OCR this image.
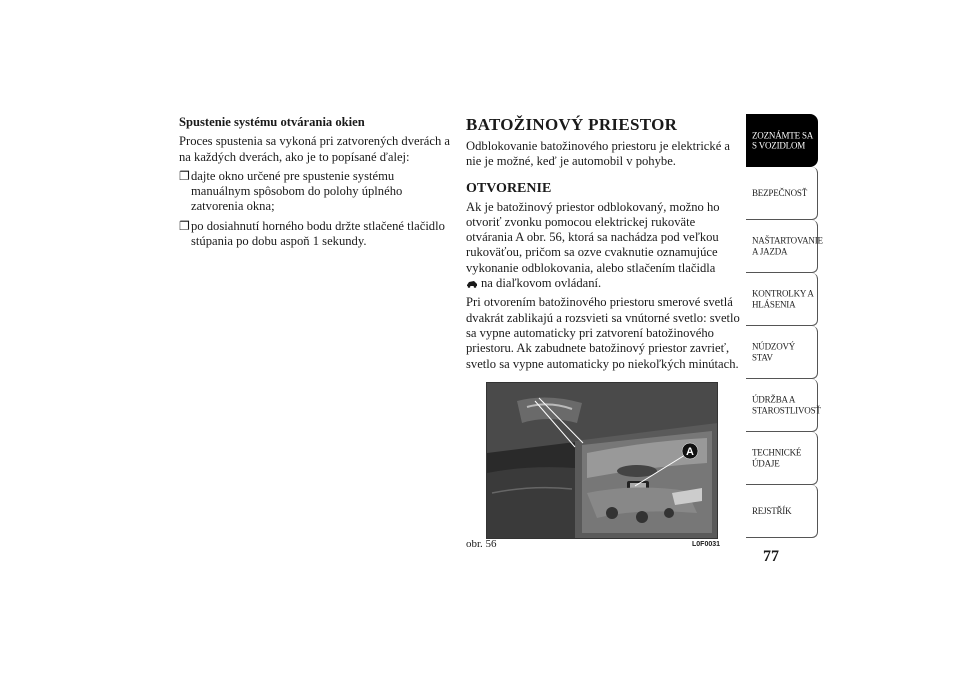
Spustenie systému otvárania okien

Proces spustenia sa vykoná pri zatvorených dverách a na každých dverách, ako je to popísané ďalej:

❐ dajte okno určené pre spustenie systému manuálnym spôsobom do polohy úplného zatvorenia okna;
❐ po dosiahnutí horného bodu držte stlačené tlačidlo stúpania po dobu aspoň 1 sekundy.
BATOŽINOVÝ PRIESTOR

Odblokovanie batožinového priestoru je elektrické a nie je možné, keď je automobil v pohybe.

OTVORENIE

Ak je batožinový priestor odblokovaný, možno ho otvoriť zvonku pomocou elektrickej rukoväte otvárania A obr. 56, ktorá sa nachádza pod veľkou rukoväťou, pričom sa ozve cvaknutie oznamujúce vykonanie odblokovania, alebo stlačením tlačidla
na diaľkovom ovládaní.

Pri otvorením batožinového priestoru smerové svetlá dvakrát zablikajú a rozsvieti sa vnútorné svetlo: svetlo sa vypne automaticky pri zatvorení batožinového priestoru. Ak zabudnete batožinový priestor zavrieť, svetlo sa vypne automaticky po niekoľkých minútach.

A
obr. 56	L0F0031
ZOZNÁMTE SA S VOZIDLOM
BEZPEČNOSŤ
NAŠTARTOVANIE A JAZDA
KONTROLKY A HLÁSENIA
NÚDZOVÝ STAV
ÚDRŽBA A STAROSTLIVOSŤ
TECHNICKÉ ÚDAJE
REJSTŘÍK
77
